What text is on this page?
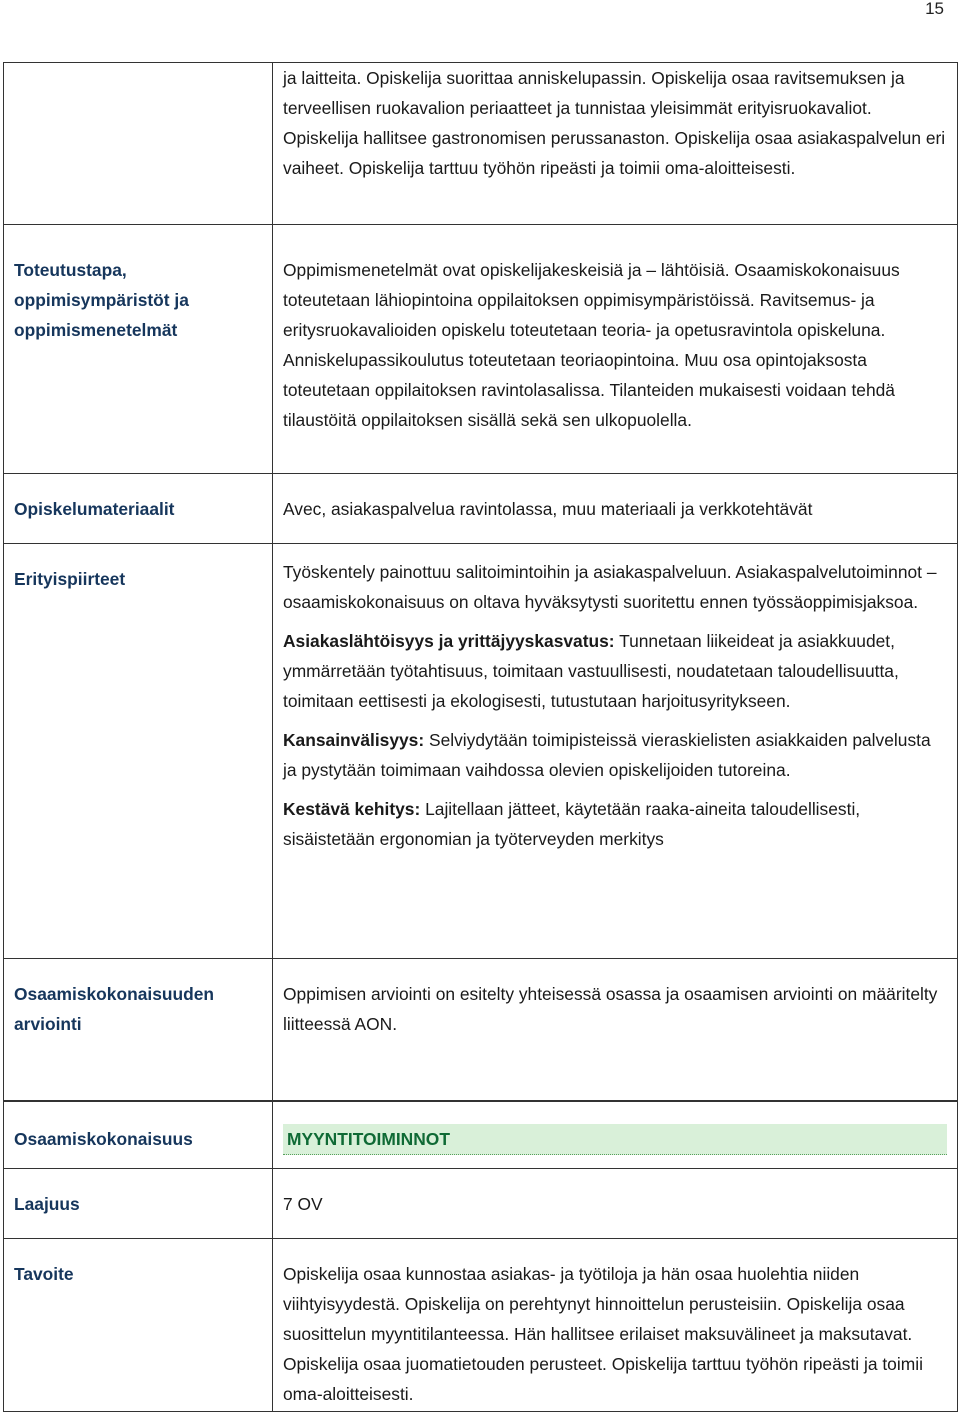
15
	ja laitteita. Opiskelija suorittaa anniskelupassin. Opiskelija osaa ravitsemuksen ja terveellisen ruokavalion periaatteet ja tunnistaa yleisimmät erityisruokavaliot. Opiskelija hallitsee gastronomisen perussanaston. Opiskelija osaa asiakaspalvelun eri vaiheet. Opiskelija tarttuu työhön ripeästi ja toimii oma-aloitteisesti.
Toteutustapa, oppimisympäristöt ja oppimismenetelmät	Oppimismenetelmät ovat opiskelijakeskeisiä ja – lähtöisiä. Osaamiskokonaisuus toteutetaan lähiopintoina oppilaitoksen oppimisympäristöissä. Ravitsemus- ja eritysruokavalioiden opiskelu toteutetaan teoria- ja opetusravintola opiskeluna. Anniskelupassikoulutus toteutetaan teoriaopintoina. Muu osa opintojaksosta toteutetaan oppilaitoksen ravintolasalissa. Tilanteiden mukaisesti voidaan tehdä tilaustöitä oppilaitoksen sisällä sekä sen ulkopuolella.
Opiskelumateriaalit	Avec, asiakaspalvelua ravintolassa, muu materiaali ja verkkotehtävät
Erityispiirteet	Työskentely painottuu salitoimintoihin ja asiakaspalveluun. Asiakaspalvelutoiminnot – osaamiskokonaisuus on oltava hyväksytysti suoritettu ennen työssäoppimisjaksoa.
Asiakaslähtöisyys ja yrittäjyyskasvatus: Tunnetaan liikeideat ja asiakkuudet, ymmärretään työtahtisuus, toimitaan vastuullisesti, noudatetaan taloudellisuutta, toimitaan eettisesti ja ekologisesti, tutustutaan harjoitusyritykseen.
Kansainvälisyys: Selviydytään toimipisteissä vieraskielisten asiakkaiden palvelusta ja pystytään toimimaan vaihdossa olevien opiskelijoiden tutoreina.
Kestävä kehitys: Lajitellaan jätteet, käytetään raaka-aineita taloudellisesti, sisäistetään ergonomian ja työterveyden merkitys

Osaamiskokonaisuuden arviointi	Oppimisen arviointi on esitelty yhteisessä osassa ja osaamisen arviointi on määritelty liitteessä AON.
Osaamiskokonaisuus	MYYNTITOIMINNOT

Laajuus	7 OV
Tavoite	Opiskelija osaa kunnostaa asiakas- ja työtiloja ja hän osaa huolehtia niiden viihtyisyydestä. Opiskelija on perehtynyt hinnoittelun perusteisiin. Opiskelija osaa suosittelun myyntitilanteessa. Hän hallitsee erilaiset maksuvälineet ja maksutavat. Opiskelija osaa juomatietouden perusteet. Opiskelija tarttuu työhön ripeästi ja toimii oma-aloitteisesti.
